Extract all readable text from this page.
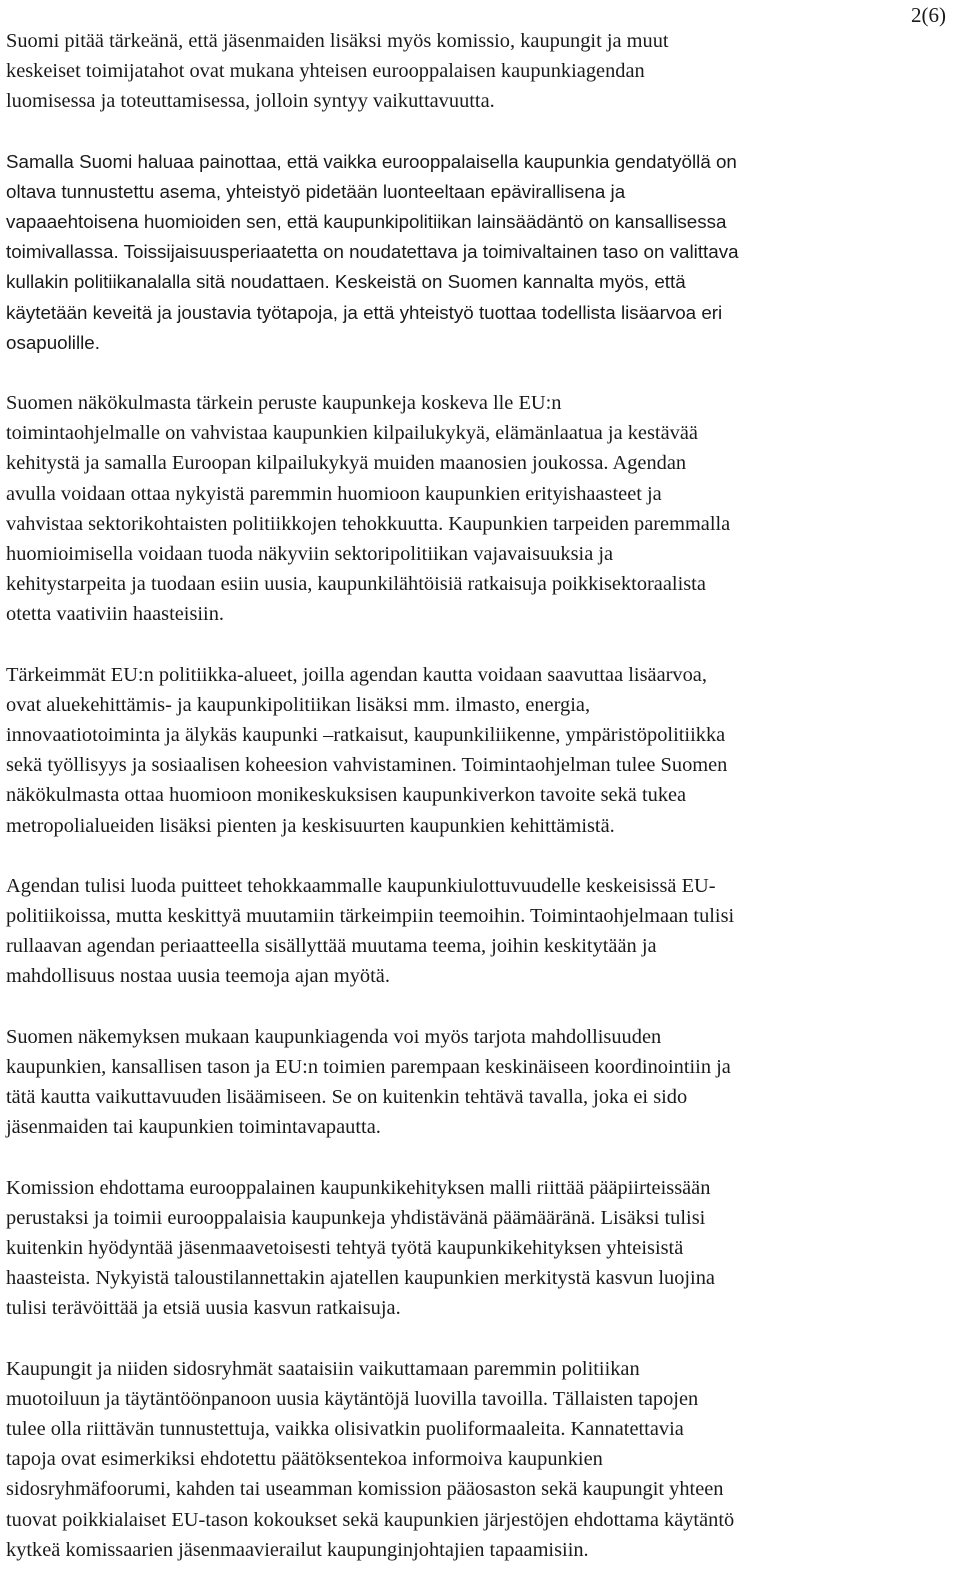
2(6)

Suomi pitää tärkeänä, että jäsenmaiden lisäksi myös komissio, kaupungit ja muut
keskeiset toimijatahot ovat mukana yhteisen eurooppalaisen kaupunkiagendan
luomisessa ja toteuttamisessa, jolloin syntyy vaikuttavuutta.

Samalla Suomi haluaa painottaa, että vaikka eurooppalaisella kaupunkia gendatyöllä on
oltava tunnustettu asema, yhteistyö pidetään luonteeltaan epävirallisena ja
vapaaehtoisena huomioiden sen, että kaupunkipolitiikan lainsäädäntö on kansallisessa
toimivallassa. Toissijaisuusperiaatetta on noudatettava ja toimivaltainen taso on valittava
kullakin politiikanalalla sitä noudattaen. Keskeistä on Suomen kannalta myös, että
käytetään keveitä ja joustavia työtapoja, ja että yhteistyö tuottaa todellista lisäarvoa eri
osapuolille.

Suomen näkökulmasta tärkein peruste kaupunkeja koskeva lle EU:n
toimintaohjelmalle on vahvistaa kaupunkien kilpailukykyä, elämänlaatua ja kestävää
kehitystä ja samalla Euroopan kilpailukykyä muiden maanosien joukossa. Agendan
avulla voidaan ottaa nykyistä paremmin huomioon kaupunkien erityishaasteet ja
vahvistaa sektorikohtaisten politiikkojen tehokkuutta. Kaupunkien tarpeiden paremmalla
huomioimisella voidaan tuoda näkyviin sektoripolitiikan vajavaisuuksia ja
kehitystarpeita ja tuodaan esiin uusia, kaupunkilähtöisiä ratkaisuja poikkisektoraalista
otetta vaativiin haasteisiin.

Tärkeimmät EU:n politiikka-alueet, joilla agendan kautta voidaan saavuttaa lisäarvoa,
ovat aluekehittämis- ja kaupunkipolitiikan lisäksi mm. ilmasto, energia,
innovaatiotoiminta ja älykäs kaupunki –ratkaisut, kaupunkiliikenne, ympäristöpolitiikka
sekä työllisyys ja sosiaalisen koheesion vahvistaminen. Toimintaohjelman tulee Suomen
näkökulmasta ottaa huomioon monikeskuksisen kaupunkiverkon tavoite sekä tukea
metropolialueiden lisäksi pienten ja keskisuurten kaupunkien kehittämistä.

Agendan tulisi luoda puitteet tehokkaammalle kaupunkiulottuvuudelle keskeisissä EU-
politiikoissa, mutta keskittyä muutamiin tärkeimpiin teemoihin. Toimintaohjelmaan tulisi
rullaavan agendan periaatteella sisällyttää muutama teema, joihin keskitytään ja
mahdollisuus nostaa uusia teemoja ajan myötä.

Suomen näkemyksen mukaan kaupunkiagenda voi myös tarjota mahdollisuuden
kaupunkien, kansallisen tason ja EU:n toimien parempaan keskinäiseen koordinointiin ja
tätä kautta vaikuttavuuden lisäämiseen. Se on kuitenkin tehtävä tavalla, joka ei sido
jäsenmaiden tai kaupunkien toimintavapautta.

Komission ehdottama eurooppalainen kaupunkikehityksen malli riittää pääpiirteissään
perustaksi ja toimii eurooppalaisia kaupunkeja yhdistävänä päämääränä. Lisäksi tulisi
kuitenkin hyödyntää jäsenmaavetoisesti tehtyä työtä kaupunkikehityksen yhteisistä
haasteista. Nykyistä taloustilannettakin ajatellen kaupunkien merkitystä kasvun luojina
tulisi terävöittää ja etsiä uusia kasvun ratkaisuja.

Kaupungit ja niiden sidosryhmät saataisiin vaikuttamaan paremmin politiikan
muotoiluun ja täytäntöönpanoon uusia käytäntöjä luovilla tavoilla. Tällaisten tapojen
tulee olla riittävän tunnustettuja, vaikka olisivatkin puoliformaaleita. Kannatettavia
tapoja ovat esimerkiksi ehdotettu päätöksentekoa informoiva kaupunkien
sidosryhmäfoorumi, kahden tai useamman komission pääosaston sekä kaupungit yhteen
tuovat poikkialaiset EU-tason kokoukset sekä kaupunkien järjestöjen ehdottama käytäntö
kytkeä komissaarien jäsenmaavierailut kaupunginjohtajien tapaamisiin.
